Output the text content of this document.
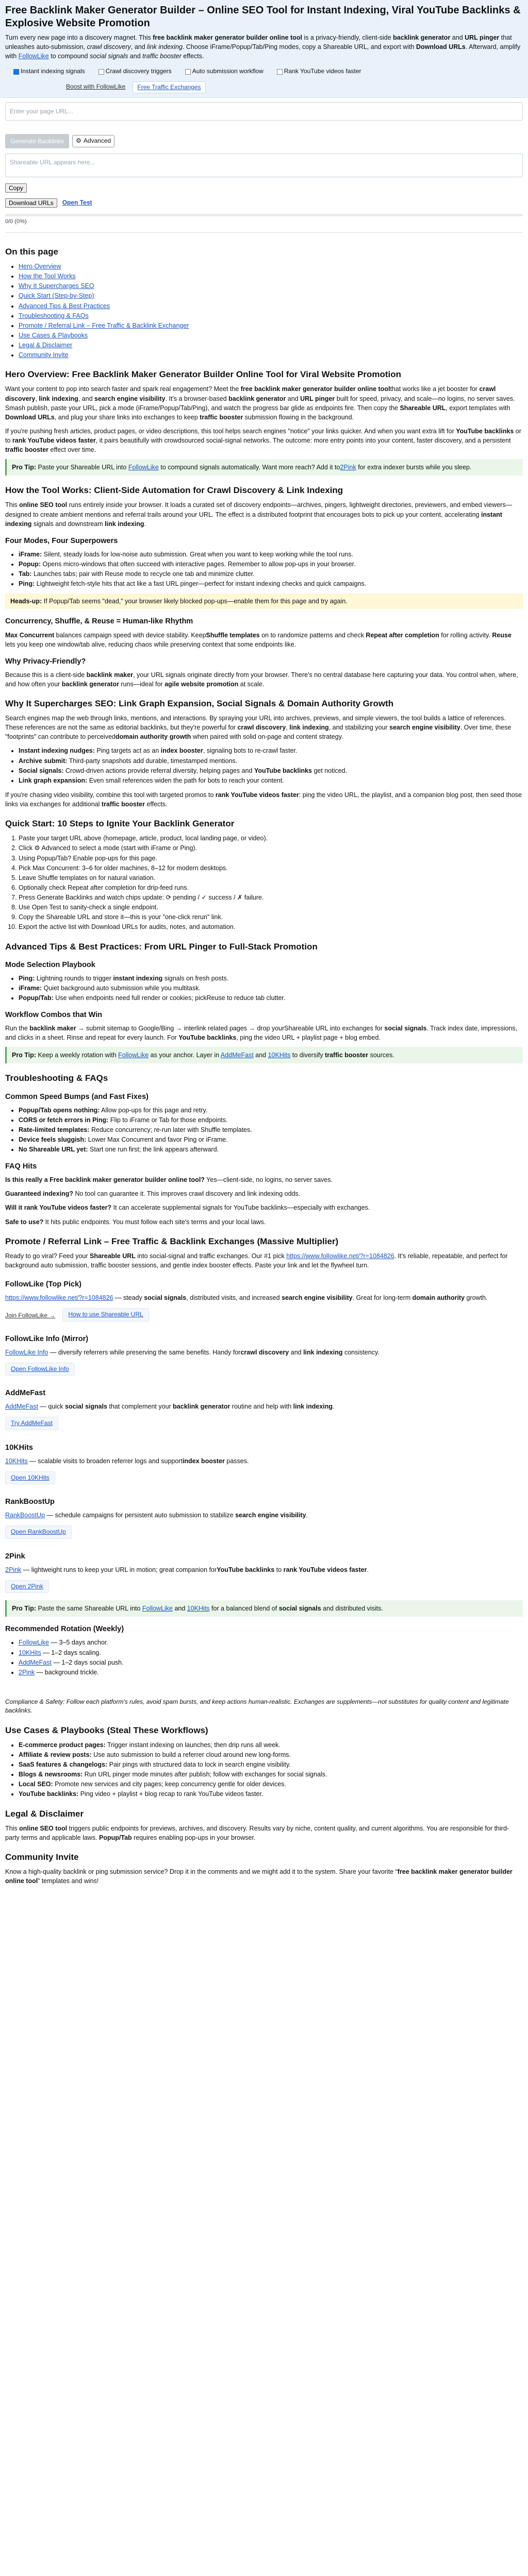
Free Backlink Maker Generator Builder – Online SEO Tool for Instant Indexing, Viral YouTube Backlinks & Explosive Website Promotion

Turn every new page into a discovery magnet. This free backlink maker generator builder online tool is a privacy-friendly, client-side backlink generator and URL pinger that unleashes auto-submission, crawl discovery, and link indexing. Choose iFrame/Popup/Tab/Ping modes, copy a Shareable URL, and export with Download URLs. Afterward, amplify with FollowLike to compound social signals and traffic booster effects.

Instant indexing signals	Crawl discovery triggers	Auto submission workflow	Rank YouTube videos faster
Boost with FollowLike	Free Traffic Exchanges
Enter your page URL...
Generate Backlinks	⚙ Advanced
Shareable URL appears here...
Copy
Download URLs	Open Test
0/0 (0%)
On this page
• Hero Overview
• How the Tool Works
• Why It Supercharges SEO
• Quick Start (Step-by-Step)
• Advanced Tips & Best Practices
• Troubleshooting & FAQs
• Promote / Referral Link – Free Traffic & Backlink Exchanger
• Use Cases & Playbooks
• Legal & Disclaimer
• Community Invite
Hero Overview: Free Backlink Maker Generator Builder Online Tool for Viral Website Promotion

Want your content to pop into search faster and spark real engagement? Meet the free backlink maker generator builder online toolthat works like a jet booster for crawl discovery, link indexing, and search engine visibility. It's a browser-based backlink generator and URL pinger built for speed, privacy, and scale—no logins, no server saves. Smash publish, paste your URL, pick a mode (iFrame/Popup/Tab/Ping), and watch the progress bar glide as endpoints fire. Then copy the Shareable URL, export templates with Download URLs, and plug your share links into exchanges to keep traffic booster submission flowing in the background.

If you're pushing fresh articles, product pages, or video descriptions, this tool helps search engines "notice" your links quicker. And when you want extra lift for YouTube backlinks or to rank YouTube videos faster, it pairs beautifully with crowdsourced social-signal networks. The outcome: more entry points into your content, faster discovery, and a persistent traffic booster effect over time.

Pro Tip: Paste your Shareable URL into FollowLike to compound signals automatically. Want more reach? Add it to2Pink for extra indexer bursts while you sleep.
How the Tool Works: Client-Side Automation for Crawl Discovery & Link Indexing

This online SEO tool runs entirely inside your browser. It loads a curated set of discovery endpoints—archives, pingers, lightweight directories, previewers, and embed viewers—designed to create ambient mentions and referral trails around your URL. The effect is a distributed footprint that encourages bots to pick up your content, accelerating instant indexing signals and downstream link indexing.

Four Modes, Four Superpowers
• iFrame: Silent, steady loads for low-noise auto submission. Great when you want to keep working while the tool runs.
• Popup: Opens micro-windows that often succeed with interactive pages. Remember to allow pop-ups in your browser.
• Tab: Launches tabs; pair with Reuse mode to recycle one tab and minimize clutter.
• Ping: Lightweight fetch-style hits that act like a fast URL pinger—perfect for instant indexing checks and quick campaigns.
Heads-up: If Popup/Tab seems "dead," your browser likely blocked pop-ups—enable them for this page and try again.
Concurrency, Shuffle, & Reuse = Human-like Rhythm

Max Concurrent balances campaign speed with device stability. KeepShuffle templates on to randomize patterns and check Repeat after completion for rolling activity. Reuse lets you keep one window/tab alive, reducing chaos while preserving context that some endpoints like.

Why Privacy-Friendly?

Because this is a client-side backlink maker, your URL signals originate directly from your browser. There's no central database here capturing your data. You control when, where, and how often your backlink generator runs—ideal for agile website promotion at scale.

Why It Supercharges SEO: Link Graph Expansion, Social Signals & Domain Authority Growth

Search engines map the web through links, mentions, and interactions. By spraying your URL into archives, previews, and simple viewers, the tool builds a lattice of references. These references are not the same as editorial backlinks, but they're powerful for crawl discovery, link indexing, and stabilizing your search engine visibility. Over time, these "footprints" can contribute to perceiveddomain authority growth when paired with solid on-page and content strategy.

• Instant indexing nudges: Ping targets act as an index booster, signaling bots to re-crawl faster.
• Archive submit: Third-party snapshots add durable, timestamped mentions.
• Social signals: Crowd-driven actions provide referral diversity, helping pages and YouTube backlinks get noticed.
• Link graph expansion: Even small references widen the path for bots to reach your content.

If you're chasing video visibility, combine this tool with targeted promos to rank YouTube videos faster: ping the video URL, the playlist, and a companion blog post, then seed those links via exchanges for additional traffic booster effects.

Quick Start: 10 Steps to Ignite Your Backlink Generator
1. Paste your target URL above (homepage, article, product, local landing page, or video).
2. Click ⚙ Advanced to select a mode (start with iFrame or Ping).
3. Using Popup/Tab? Enable pop-ups for this page.
4. Pick Max Concurrent: 3–6 for older machines, 8–12 for modern desktops.
5. Leave Shuffle templates on for natural variation.
6. Optionally check Repeat after completion for drip-feed runs.
7. Press Generate Backlinks and watch chips update: ⟳ pending / ✓ success / ✗ failure.
8. Use Open Test to sanity-check a single endpoint.
9. Copy the Shareable URL and store it—this is your "one-click rerun" link.
10. Export the active list with Download URLs for audits, notes, and automation.
Advanced Tips & Best Practices: From URL Pinger to Full-Stack Promotion
Mode Selection Playbook
• Ping: Lightning rounds to trigger instant indexing signals on fresh posts.
• iFrame: Quiet background auto submission while you multitask.
• Popup/Tab: Use when endpoints need full render or cookies; pickReuse to reduce tab clutter.
Workflow Combos that Win

Run the backlink maker → submit sitemap to Google/Bing → interlink related pages → drop yourShareable URL into exchanges for social signals. Track index date, impressions, and clicks in a sheet. Rinse and repeat for every launch. For YouTube backlinks, ping the video URL + playlist page + blog embed.

Pro Tip: Keep a weekly rotation with FollowLike as your anchor. Layer in AddMeFast and 10KHits to diversify traffic booster sources.
Troubleshooting & FAQs
Common Speed Bumps (and Fast Fixes)
• Popup/Tab opens nothing: Allow pop-ups for this page and retry.
• CORS or fetch errors in Ping: Flip to iFrame or Tab for those endpoints.
• Rate-limited templates: Reduce concurrency; re-run later with Shuffle templates.
• Device feels sluggish: Lower Max Concurrent and favor Ping or iFrame.
• No Shareable URL yet: Start one run first; the link appears afterward.
FAQ Hits

Is this really a Free backlink maker generator builder online tool? Yes—client-side, no logins, no server saves.

Guaranteed indexing? No tool can guarantee it. This improves crawl discovery and link indexing odds.

Will it rank YouTube videos faster? It can accelerate supplemental signals for YouTube backlinks—especially with exchanges.

Safe to use? It hits public endpoints. You must follow each site's terms and your local laws.

Promote / Referral Link – Free Traffic & Backlink Exchanges (Massive Multiplier)

Ready to go viral? Feed your Shareable URL into social-signal and traffic exchanges. Our #1 pick https://www.followlike.net/?r=1084826. It's reliable, repeatable, and perfect for background auto submission, traffic booster sessions, and gentle index booster effects. Paste your link and let the flywheel turn.

FollowLike (Top Pick)

https://www.followlike.net/?r=1084826 — steady social signals, distributed visits, and increased search engine visibility. Great for long-term domain authority growth.

Join FollowLike →	How to use Shareable URL
FollowLike Info (Mirror)

FollowLike Info — diversify referrers while preserving the same benefits. Handy forcrawl discovery and link indexing consistency.

Open FollowLike Info
AddMeFast

AddMeFast — quick social signals that complement your backlink generator routine and help with link indexing.

Try AddMeFast
10KHits

10KHits — scalable visits to broaden referrer logs and supportindex booster passes.

Open 10KHits
RankBoostUp

RankBoostUp — schedule campaigns for persistent auto submission to stabilize search engine visibility.

Open RankBoostUp
2Pink

2Pink — lightweight runs to keep your URL in motion; great companion forYouTube backlinks to rank YouTube videos faster.

Open 2Pink
Pro Tip: Paste the same Shareable URL into FollowLike and 10KHits for a balanced blend of social signals and distributed visits.
Recommended Rotation (Weekly)
• FollowLike — 3–5 days anchor.
• 10KHits — 1–2 days scaling.
• AddMeFast — 1–2 days social push.
• 2Pink — background trickle.

Compliance & Safety: Follow each platform's rules, avoid spam bursts, and keep actions human-realistic. Exchanges are supplements—not substitutes for quality content and legitimate backlinks.

Use Cases & Playbooks (Steal These Workflows)
• E-commerce product pages: Trigger instant indexing on launches; then drip runs all week.
• Affiliate & review posts: Use auto submission to build a referrer cloud around new long-forms.
• SaaS features & changelogs: Pair pings with structured data to lock in search engine visibility.
• Blogs & newsrooms: Run URL pinger mode minutes after publish; follow with exchanges for social signals.
• Local SEO: Promote new services and city pages; keep concurrency gentle for older devices.
• YouTube backlinks: Ping video + playlist + blog recap to rank YouTube videos faster.
Legal & Disclaimer

This online SEO tool triggers public endpoints for previews, archives, and discovery. Results vary by niche, content quality, and current algorithms. You are responsible for third-party terms and applicable laws. Popup/Tab requires enabling pop-ups in your browser.

Community Invite

Know a high-quality backlink or ping submission service? Drop it in the comments and we might add it to the system. Share your favorite “free backlink maker generator builder online tool” templates and wins!
